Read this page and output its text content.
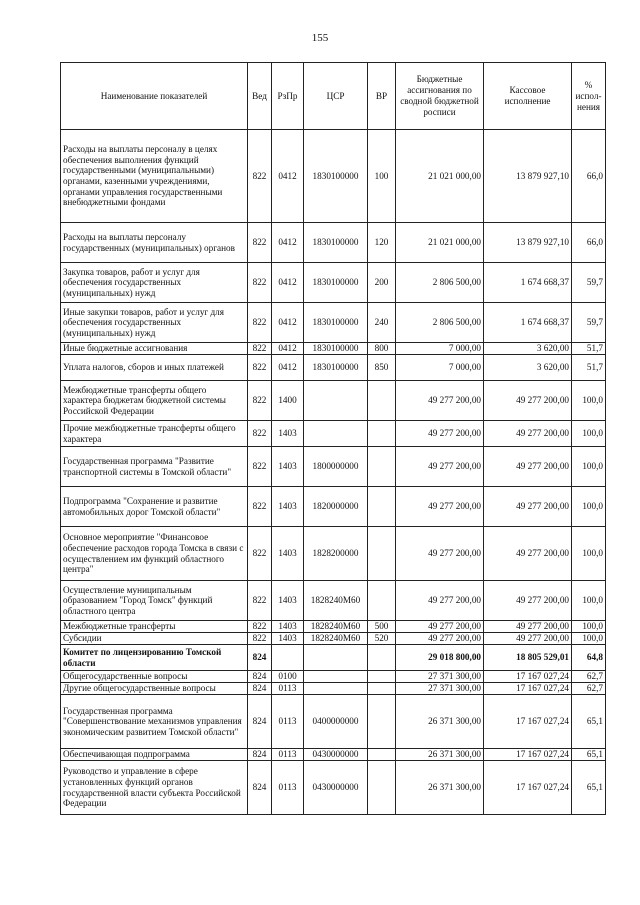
155
Наименование показателей	Вед	РзПр	ЦСР	ВР	Бюджетные ассигнования по сводной бюджетной росписи	Кассовое исполнение	% испол-нения
Расходы на выплаты персоналу в целях обеспечения выполнения функций государственными (муниципальными) органами, казенными учреждениями, органами управления государственными внебюджетными фондами	822	0412	1830100000	100	21 021 000,00	13 879 927,10	66,0
Расходы на выплаты персоналу государственных (муниципальных) органов	822	0412	1830100000	120	21 021 000,00	13 879 927,10	66,0
Закупка товаров, работ и услуг для обеспечения государственных (муниципальных) нужд	822	0412	1830100000	200	2 806 500,00	1 674 668,37	59,7
Иные закупки товаров, работ и услуг для обеспечения государственных (муниципальных) нужд	822	0412	1830100000	240	2 806 500,00	1 674 668,37	59,7
Иные бюджетные ассигнования	822	0412	1830100000	800	7 000,00	3 620,00	51,7
Уплата налогов, сборов и иных платежей	822	0412	1830100000	850	7 000,00	3 620,00	51,7
Межбюджетные трансферты общего характера бюджетам бюджетной системы Российской Федерации	822	1400			49 277 200,00	49 277 200,00	100,0
Прочие межбюджетные трансферты общего характера	822	1403			49 277 200,00	49 277 200,00	100,0
Государственная программа "Развитие транспортной системы в Томской области"	822	1403	1800000000		49 277 200,00	49 277 200,00	100,0
Подпрограмма "Сохранение и развитие автомобильных дорог Томской области"	822	1403	1820000000		49 277 200,00	49 277 200,00	100,0
Основное мероприятие "Финансовое обеспечение расходов города Томска в связи с осуществлением им функций областного центра"	822	1403	1828200000		49 277 200,00	49 277 200,00	100,0
Осуществление муниципальным образованием "Город Томск" функций областного центра	822	1403	1828240М60		49 277 200,00	49 277 200,00	100,0
Межбюджетные трансферты	822	1403	1828240М60	500	49 277 200,00	49 277 200,00	100,0
Субсидии	822	1403	1828240М60	520	49 277 200,00	49 277 200,00	100,0
Комитет по лицензированию Томской области	824				29 018 800,00	18 805 529,01	64,8
Общегосударственные вопросы	824	0100			27 371 300,00	17 167 027,24	62,7
Другие общегосударственные вопросы	824	0113			27 371 300,00	17 167 027,24	62,7
Государственная программа "Совершенствование механизмов управления экономическим развитием Томской области"	824	0113	0400000000		26 371 300,00	17 167 027,24	65,1
Обеспечивающая подпрограмма	824	0113	0430000000		26 371 300,00	17 167 027,24	65,1
Руководство и управление в сфере установленных функций органов государственной власти субъекта Российской Федерации	824	0113	0430000000		26 371 300,00	17 167 027,24	65,1
